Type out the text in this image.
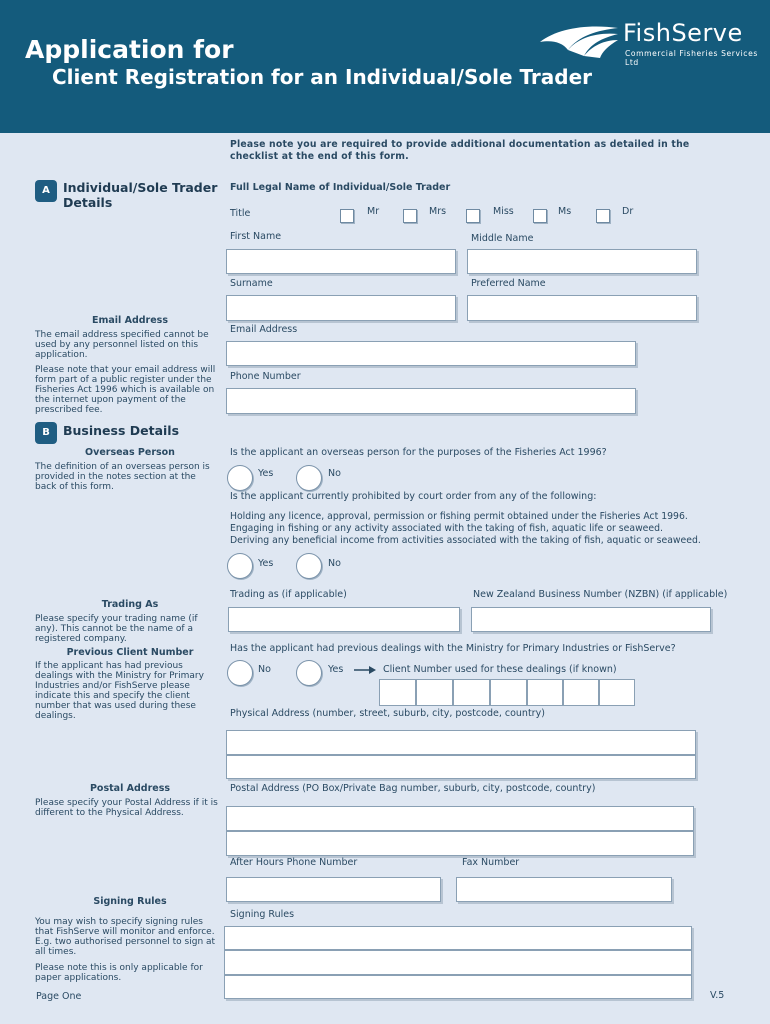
Application for
Client Registration for an Individual/Sole Trader
FishServe
Commercial Fisheries Services Ltd
Please note you are required to provide additional documentation as detailed in the checklist at the end of this form.
A	Individual/Sole Trader Details
Full Legal Name of Individual/Sole Trader
Title	Mr	Mrs	Miss	Ms	Dr
First Name	Middle Name
Surname	Preferred Name
Email Address
The email address specified cannot be used by any personnel listed on this application.
Please note that your email address will form part of a public register under the Fisheries Act 1996 which is available on the internet upon payment of the prescribed fee.
Email Address
Phone Number
B	Business Details
Overseas Person
The definition of an overseas person is provided in the notes section at the back of this form.
Is the applicant an overseas person for the purposes of the Fisheries Act 1996?
Yes	No
Is the applicant currently prohibited by court order from any of the following:
Holding any licence, approval, permission or fishing permit obtained under the Fisheries Act 1996. Engaging in fishing or any activity associated with the taking of fish, aquatic life or seaweed. Deriving any beneficial income from activities associated with the taking of fish, aquatic or seaweed.
Yes	No
Trading As
Please specify your trading name (if any). This cannot be the name of a registered company.
Trading as (if applicable)	New Zealand Business Number (NZBN) (if applicable)
Previous Client Number
If the applicant has had previous dealings with the Ministry for Primary Industries and/or FishServe please indicate this and specify the client number that was used during these dealings.
Has the applicant had previous dealings with the Ministry for Primary Industries or FishServe?
No	Yes	Client Number used for these dealings (if known)
Physical Address (number, street, suburb, city, postcode, country)
Postal Address
Please specify your Postal Address if it is different to the Physical Address.
Postal Address (PO Box/Private Bag number, suburb, city, postcode, country)
After Hours Phone Number	Fax Number
Signing Rules
You may wish to specify signing rules that FishServe will monitor and enforce. E.g. two authorised personnel to sign at all times.
Please note this is only applicable for paper applications.
Signing Rules
Page One	V.5
